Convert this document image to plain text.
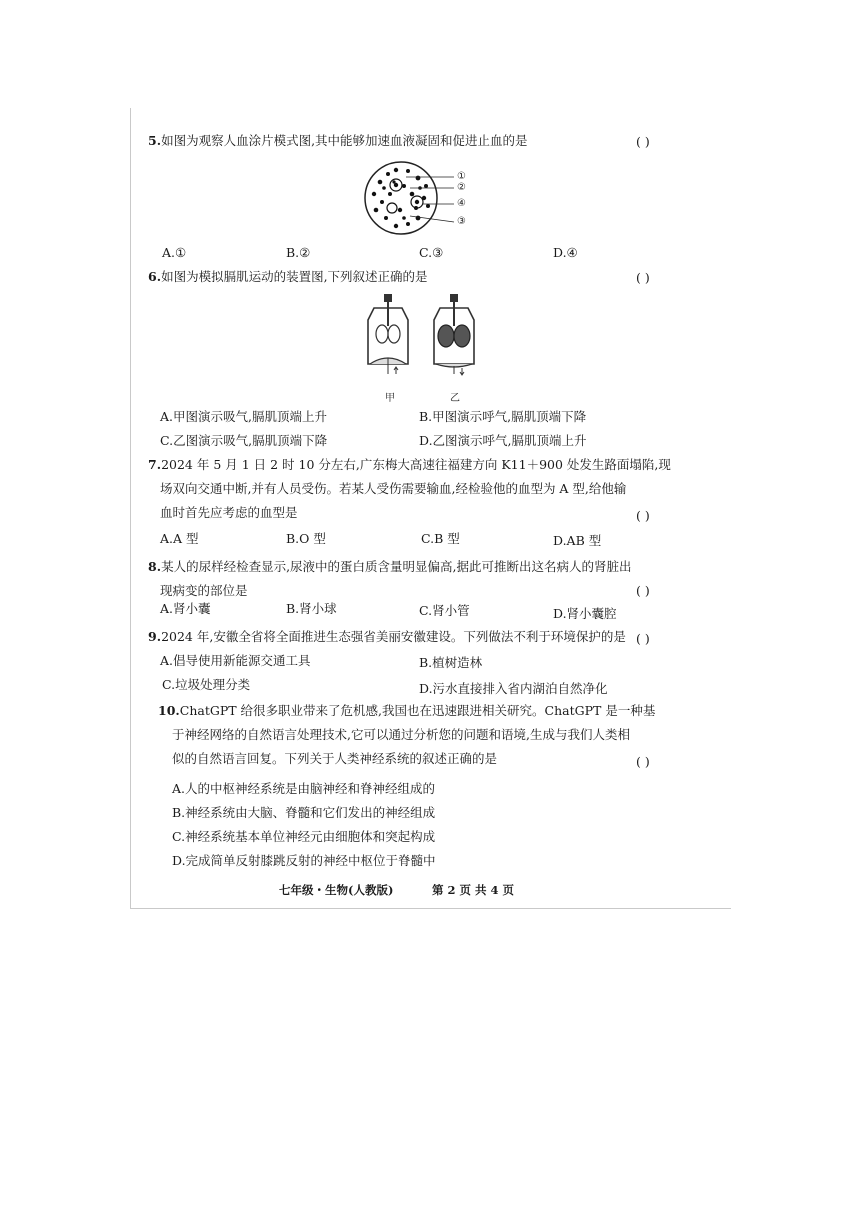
5.如图为观察人血涂片模式图,其中能够加速血液凝固和促进止血的是	( )
①
②
④
③
A.①	B.②	C.③	D.④
6.如图为模拟膈肌运动的装置图,下列叙述正确的是	( )
甲	乙
A.甲图演示吸气,膈肌顶端上升	B.甲图演示呼气,膈肌顶端下降
C.乙图演示吸气,膈肌顶端下降	D.乙图演示呼气,膈肌顶端上升
7.2024 年 5 月 1 日 2 时 10 分左右,广东梅大高速往福建方向 K11＋900 处发生路面塌陷,现
场双向交通中断,并有人员受伤。若某人受伤需要输血,经检验他的血型为 A 型,给他输
血时首先应考虑的血型是	( )
A.A 型	B.O 型	C.B 型	D.AB 型
8.某人的尿样经检查显示,尿液中的蛋白质含量明显偏高,据此可推断出这名病人的肾脏出
现病变的部位是	( )
A.肾小囊	B.肾小球	C.肾小管	D.肾小囊腔
9.2024 年,安徽全省将全面推进生态强省美丽安徽建设。下列做法不利于环境保护的是 ( )
A.倡导使用新能源交通工具	B.植树造林
C.垃圾处理分类	D.污水直接排入省内湖泊自然净化
10.ChatGPT 给很多职业带来了危机感,我国也在迅速跟进相关研究。ChatGPT 是一种基
于神经网络的自然语言处理技术,它可以通过分析您的问题和语境,生成与我们人类相
似的自然语言回复。下列关于人类神经系统的叙述正确的是	( )
A.人的中枢神经系统是由脑神经和脊神经组成的
B.神经系统由大脑、脊髓和它们发出的神经组成
C.神经系统基本单位神经元由细胞体和突起构成
D.完成简单反射膝跳反射的神经中枢位于脊髓中
七年级・生物(人教版)	第 2 页 共 4 页
